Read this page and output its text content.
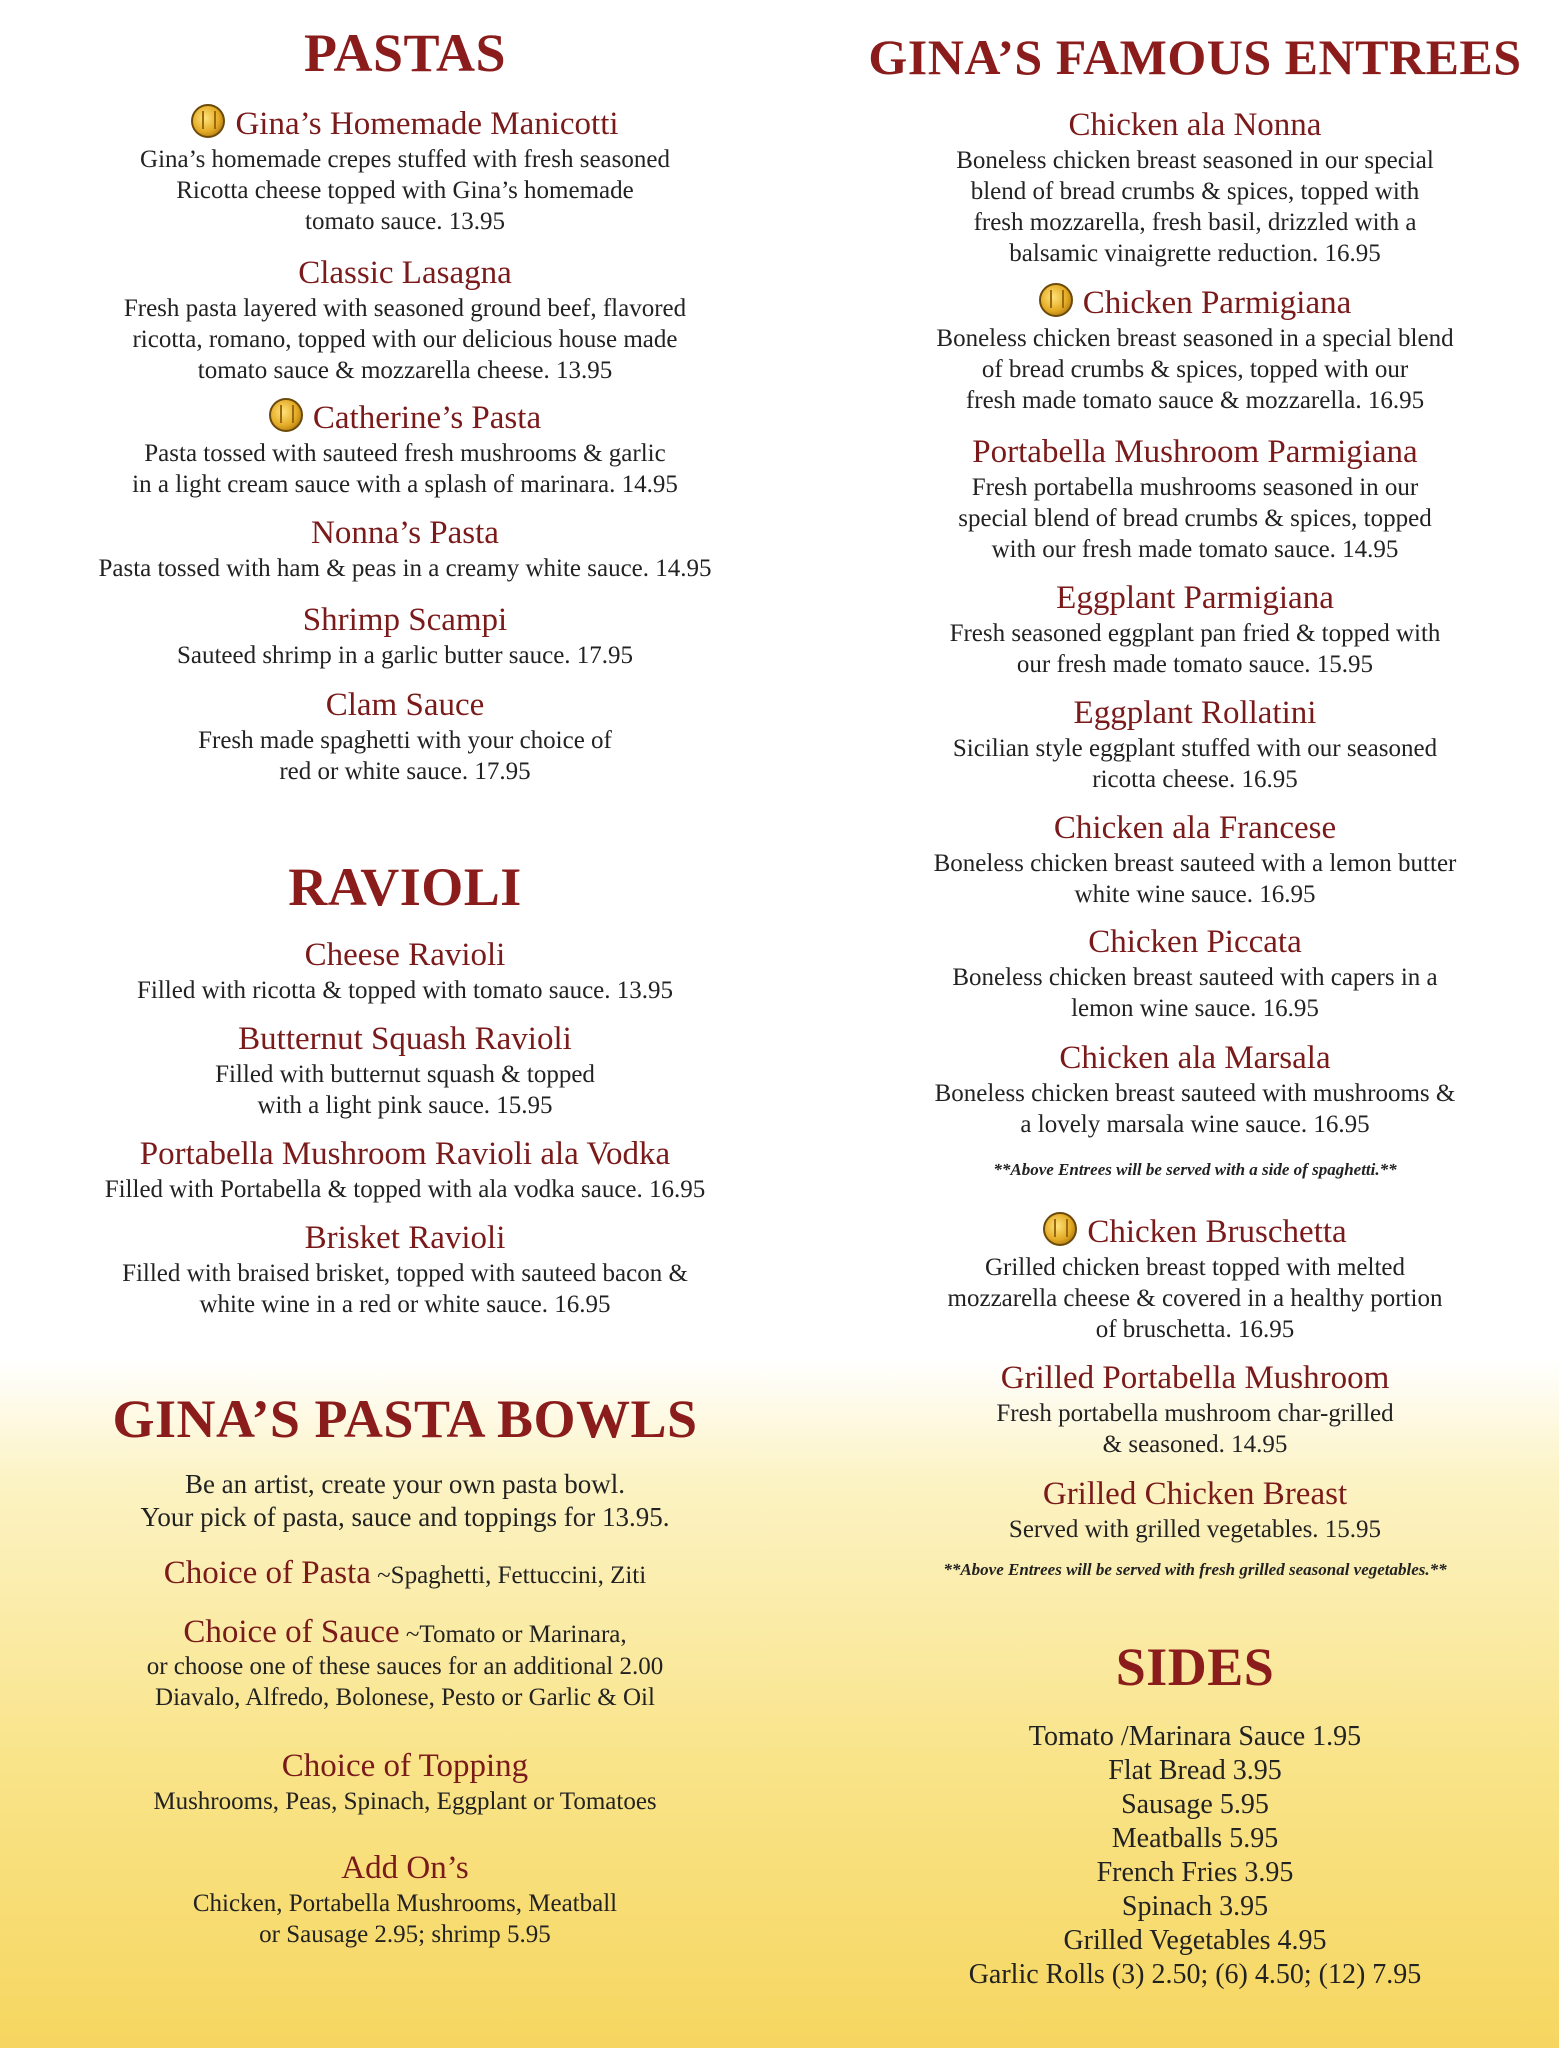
PASTAS
Gina’s Homemade Manicotti
Gina’s homemade crepes stuffed with fresh seasoned
Ricotta cheese topped with Gina’s homemade
tomato sauce. 13.95
Classic Lasagna
Fresh pasta layered with seasoned ground beef, flavored
ricotta, romano, topped with our delicious house made
tomato sauce & mozzarella cheese. 13.95
Catherine’s Pasta
Pasta tossed with sauteed fresh mushrooms & garlic
in a light cream sauce with a splash of marinara. 14.95
Nonna’s Pasta
Pasta tossed with ham & peas in a creamy white sauce. 14.95
Shrimp Scampi
Sauteed shrimp in a garlic butter sauce. 17.95
Clam Sauce
Fresh made spaghetti with your choice of
red or white sauce. 17.95
RAVIOLI
Cheese Ravioli
Filled with ricotta & topped with tomato sauce. 13.95
Butternut Squash Ravioli
Filled with butternut squash & topped
with a light pink sauce. 15.95
Portabella Mushroom Ravioli ala Vodka
Filled with Portabella & topped with ala vodka sauce. 16.95
Brisket Ravioli
Filled with braised brisket, topped with sauteed bacon &
white wine in a red or white sauce. 16.95
GINA’S PASTA BOWLS
Be an artist, create your own pasta bowl.
Your pick of pasta, sauce and toppings for 13.95.
Choice of Pasta ~Spaghetti, Fettuccini, Ziti
Choice of Sauce ~Tomato or Marinara,
or choose one of these sauces for an additional 2.00
Diavalo, Alfredo, Bolonese, Pesto or Garlic & Oil
Choice of Topping
Mushrooms, Peas, Spinach, Eggplant or Tomatoes
Add On’s
Chicken, Portabella Mushrooms, Meatball
or Sausage 2.95; shrimp 5.95
GINA’S FAMOUS ENTREES
Chicken ala Nonna
Boneless chicken breast seasoned in our special
blend of bread crumbs & spices, topped with
fresh mozzarella, fresh basil, drizzled with a
balsamic vinaigrette reduction. 16.95
Chicken Parmigiana
Boneless chicken breast seasoned in a special blend
of bread crumbs & spices, topped with our
fresh made tomato sauce & mozzarella. 16.95
Portabella Mushroom Parmigiana
Fresh portabella mushrooms seasoned in our
special blend of bread crumbs & spices, topped
with our fresh made tomato sauce. 14.95
Eggplant Parmigiana
Fresh seasoned eggplant pan fried & topped with
our fresh made tomato sauce. 15.95
Eggplant Rollatini
Sicilian style eggplant stuffed with our seasoned
ricotta cheese. 16.95
Chicken ala Francese
Boneless chicken breast sauteed with a lemon butter
white wine sauce. 16.95
Chicken Piccata
Boneless chicken breast sauteed with capers in a
lemon wine sauce. 16.95
Chicken ala Marsala
Boneless chicken breast sauteed with mushrooms &
a lovely marsala wine sauce. 16.95
**Above Entrees will be served with a side of spaghetti.**
Chicken Bruschetta
Grilled chicken breast topped with melted
mozzarella cheese & covered in a healthy portion
of bruschetta. 16.95
Grilled Portabella Mushroom
Fresh portabella mushroom char-grilled
& seasoned. 14.95
Grilled Chicken Breast
Served with grilled vegetables. 15.95
**Above Entrees will be served with fresh grilled seasonal vegetables.**
SIDES
Tomato /Marinara Sauce 1.95
Flat Bread 3.95
Sausage 5.95
Meatballs 5.95
French Fries 3.95
Spinach 3.95
Grilled Vegetables 4.95
Garlic Rolls (3) 2.50; (6) 4.50; (12) 7.95
